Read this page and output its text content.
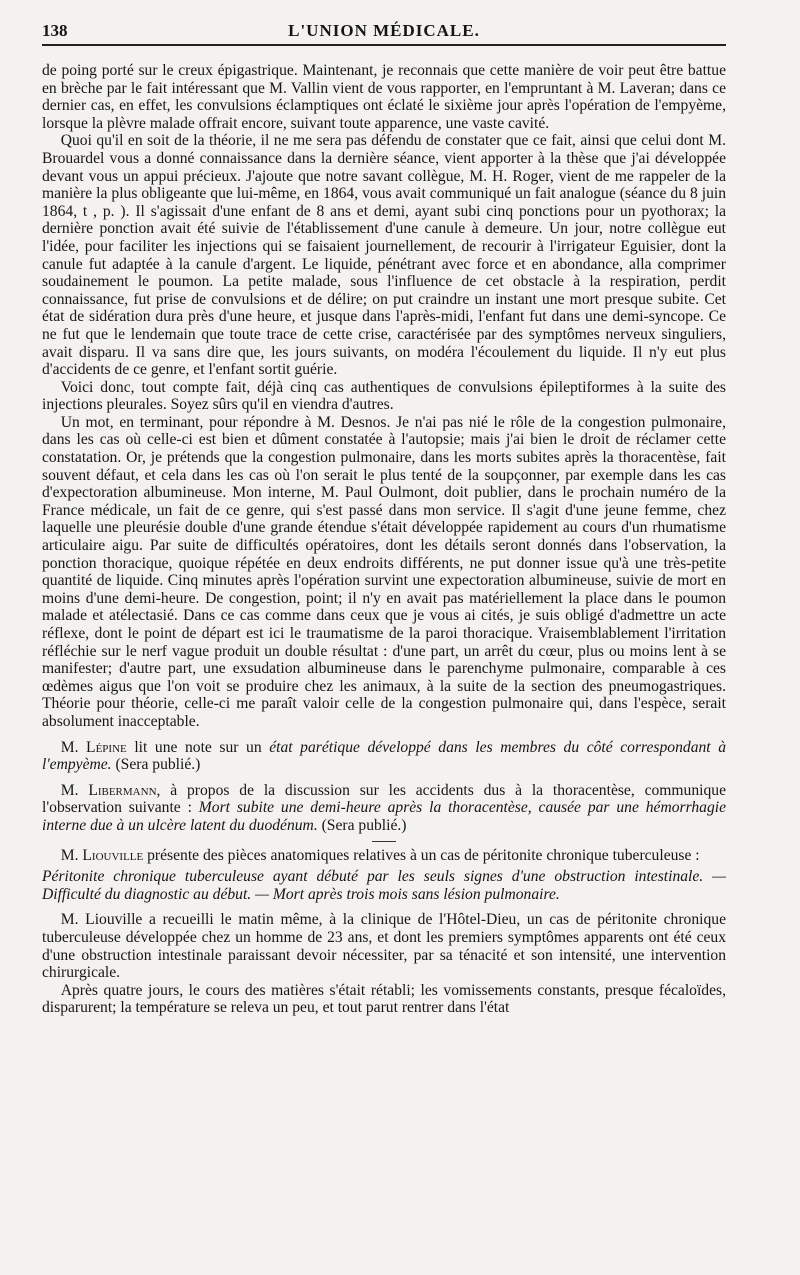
138	L'UNION MÉDICALE.

de poing porté sur le creux épigastrique. Maintenant, je reconnais que cette manière de voir peut être battue en brèche par le fait intéressant que M. Vallin vient de vous rapporter, en l'empruntant à M. Laveran; dans ce dernier cas, en effet, les convulsions éclamptiques ont éclaté le sixième jour après l'opération de l'empyème, lorsque la plèvre malade offrait encore, suivant toute apparence, une vaste cavité.

Quoi qu'il en soit de la théorie, il ne me sera pas défendu de constater que ce fait, ainsi que celui dont M. Brouardel vous a donné connaissance dans la dernière séance, vient apporter à la thèse que j'ai développée devant vous un appui précieux. J'ajoute que notre savant collègue, M. H. Roger, vient de me rappeler de la manière la plus obligeante que lui-même, en 1864, vous avait communiqué un fait analogue (séance du 8 juin 1864, t , p. ). Il s'agissait d'une enfant de 8 ans et demi, ayant subi cinq ponctions pour un pyothorax; la dernière ponction avait été suivie de l'établissement d'une canule à demeure. Un jour, notre collègue eut l'idée, pour faciliter les injections qui se faisaient journellement, de recourir à l'irrigateur Eguisier, dont la canule fut adaptée à la canule d'argent. Le liquide, pénétrant avec force et en abondance, alla comprimer soudainement le poumon. La petite malade, sous l'influence de cet obstacle à la respiration, perdit connaissance, fut prise de convulsions et de délire; on put craindre un instant une mort presque subite. Cet état de sidération dura près d'une heure, et jusque dans l'après-midi, l'enfant fut dans une demi-syncope. Ce ne fut que le lendemain que toute trace de cette crise, caractérisée par des symptômes nerveux singuliers, avait disparu. Il va sans dire que, les jours suivants, on modéra l'écoulement du liquide. Il n'y eut plus d'accidents de ce genre, et l'enfant sortit guérie.

Voici donc, tout compte fait, déjà cinq cas authentiques de convulsions épileptiformes à la suite des injections pleurales. Soyez sûrs qu'il en viendra d'autres.

Un mot, en terminant, pour répondre à M. Desnos. Je n'ai pas nié le rôle de la congestion pulmonaire, dans les cas où celle-ci est bien et dûment constatée à l'autopsie; mais j'ai bien le droit de réclamer cette constatation. Or, je prétends que la congestion pulmonaire, dans les morts subites après la thoracentèse, fait souvent défaut, et cela dans les cas où l'on serait le plus tenté de la soupçonner, par exemple dans les cas d'expectoration albumineuse. Mon interne, M. Paul Oulmont, doit publier, dans le prochain numéro de la France médicale, un fait de ce genre, qui s'est passé dans mon service. Il s'agit d'une jeune femme, chez laquelle une pleurésie double d'une grande étendue s'était développée rapidement au cours d'un rhumatisme articulaire aigu. Par suite de difficultés opératoires, dont les détails seront donnés dans l'observation, la ponction thoracique, quoique répétée en deux endroits différents, ne put donner issue qu'à une très-petite quantité de liquide. Cinq minutes après l'opération survint une expectoration albumineuse, suivie de mort en moins d'une demi-heure. De congestion, point; il n'y en avait pas matériellement la place dans le poumon malade et atélectasié. Dans ce cas comme dans ceux que je vous ai cités, je suis obligé d'admettre un acte réflexe, dont le point de départ est ici le traumatisme de la paroi thoracique. Vraisemblablement l'irritation réfléchie sur le nerf vague produit un double résultat : d'une part, un arrêt du cœur, plus ou moins lent à se manifester; d'autre part, une exsudation albumineuse dans le parenchyme pulmonaire, comparable à ces œdèmes aigus que l'on voit se produire chez les animaux, à la suite de la section des pneumogastriques. Théorie pour théorie, celle-ci me paraît valoir celle de la congestion pulmonaire qui, dans l'espèce, serait absolument inacceptable.

M. Lépine lit une note sur un état parétique développé dans les membres du côté correspondant à l'empyème. (Sera publié.)

M. Libermann, à propos de la discussion sur les accidents dus à la thoracentèse, communique l'observation suivante : Mort subite une demi-heure après la thoracentèse, causée par une hémorrhagie interne due à un ulcère latent du duodénum. (Sera publié.)

M. Liouville présente des pièces anatomiques relatives à un cas de péritonite chronique tuberculeuse :

Péritonite chronique tuberculeuse ayant débuté par les seuls signes d'une obstruction intestinale. — Difficulté du diagnostic au début. — Mort après trois mois sans lésion pulmonaire.

M. Liouville a recueilli le matin même, à la clinique de l'Hôtel-Dieu, un cas de péritonite chronique tuberculeuse développée chez un homme de 23 ans, et dont les premiers symptômes apparents ont été ceux d'une obstruction intestinale paraissant devoir nécessiter, par sa ténacité et son intensité, une intervention chirurgicale.

Après quatre jours, le cours des matières s'était rétabli; les vomissements constants, presque fécaloïdes, disparurent; la température se releva un peu, et tout parut rentrer dans l'état
